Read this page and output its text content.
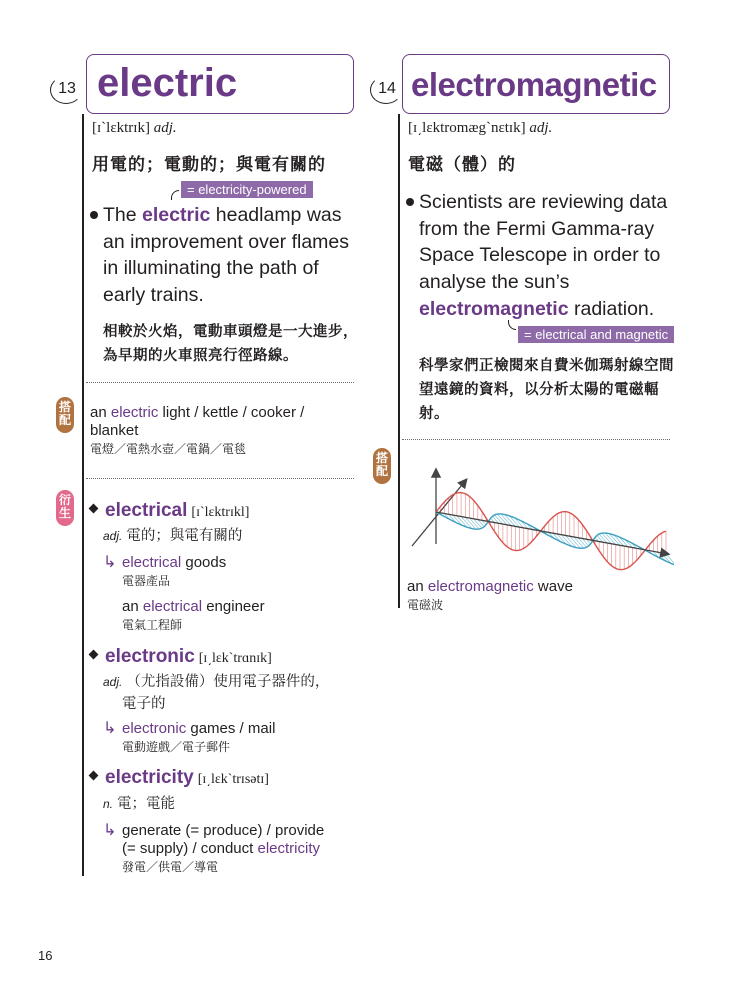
13 electric
[ɪˋlɛktrɪk] adj.
用電的；電動的；與電有關的
= electricity-powered
The electric headlamp was an improvement over flames in illuminating the path of early trains.
相較於火焰，電動車頭燈是一大進步，為早期的火車照亮行徑路線。
搭配 an electric light / kettle / cooker / blanket
電燈／電熱水壺／電鍋／電毯
衍生	electrical [ɪˋlɛktrɪkl]
adj. 電的；與電有關的
↳ electrical goods
電器產品
an electrical engineer
電氣工程師
electronic [ɪ͵lɛkˋtrɑnɪk]
adj. （尤指設備）使用電子器件的，
電子的
↳ electronic games / mail
電動遊戲／電子郵件
electricity [ɪ͵lɛkˋtrɪsətɪ]
n. 電；電能
↳ generate (= produce) / provide
(= supply) / conduct electricity
發電／供電／導電
14 electromagnetic
[ɪ͵lɛktromægˋnɛtɪk] adj.
電磁（體）的
Scientists are reviewing data from the Fermi Gamma-ray Space Telescope in order to analyse the sun’s electromagnetic radiation.
= electrical and magnetic
科學家們正檢閱來自費米伽瑪射線空間望遠鏡的資料，以分析太陽的電磁輻射。
搭配
an electromagnetic wave
電磁波
16
